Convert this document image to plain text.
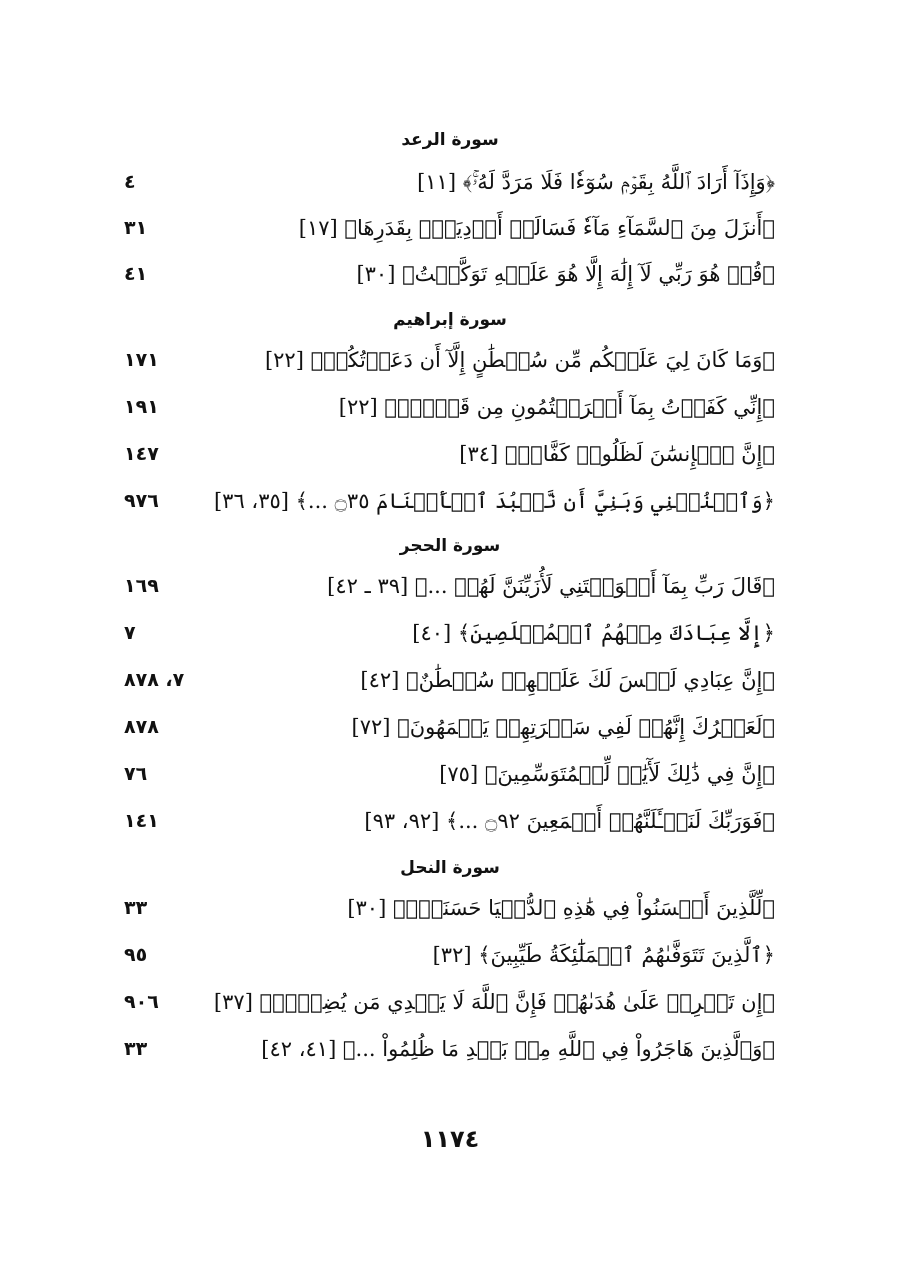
سورة الرعد
﴿وَإِذَآ أَرَادَ ٱللَّهُ بِقَوۡمٖ سُوٓءٗا فَلَا مَرَدَّ لَهُۥۚ﴾ [١١]
٤
﴿أَنزَلَ مِنَ ٱلسَّمَآءِ مَآءٗ فَسَالَتۡ أَوۡدِيَةُۢ بِقَدَرِهَا﴾ [١٧]
٣١
﴿قُلۡ هُوَ رَبِّي لَآ إِلَٰهَ إِلَّا هُوَ عَلَيۡهِ تَوَكَّلۡتُ﴾ [٣٠]
٤١
سورة إبراهيم
﴿وَمَا كَانَ لِيَ عَلَيۡكُم مِّن سُلۡطَٰنٍ إِلَّآ أَن دَعَوۡتُكُمۡ﴾ [٢٢]
١٧١
﴿إِنِّي كَفَرۡتُ بِمَآ أَشۡرَكۡتُمُونِ مِن قَبۡلُۗ﴾ [٢٢]
١٩١
﴿إِنَّ ٱلۡإِنسَٰنَ لَظَلُومٞ كَفَّارٞ﴾ [٣٤]
١٤٧
﴿وَٱجۡنُبۡنِي وَبَنِيَّ أَن نَّعۡبُدَ ٱلۡأَصۡنَامَ ۝٣٥ ...﴾ [٣٥، ٣٦]
٩٧٦
سورة الحجر
﴿قَالَ رَبِّ بِمَآ أَغۡوَيۡتَنِي لَأُزَيِّنَنَّ لَهُمۡ ...﴾ [٣٩ ـ ٤٢]
١٦٩
﴿إِلَّا عِبَادَكَ مِنۡهُمُ ٱلۡمُخۡلَصِينَ﴾ [٤٠]
٧
﴿إِنَّ عِبَادِي لَيۡسَ لَكَ عَلَيۡهِمۡ سُلۡطَٰنٌ﴾ [٤٢]
٧، ٨٧٨
﴿لَعَمۡرُكَ إِنَّهُمۡ لَفِي سَكۡرَتِهِمۡ يَعۡمَهُونَ﴾ [٧٢]
٨٧٨
﴿إِنَّ فِي ذَٰلِكَ لَأٓيَٰتٖ لِّلۡمُتَوَسِّمِينَ﴾ [٧٥]
٧٦
﴿فَوَرَبِّكَ لَنَسۡـَٔلَنَّهُمۡ أَجۡمَعِينَ ۝٩٢ ...﴾ [٩٢، ٩٣]
١٤١
سورة النحل
﴿لِّلَّذِينَ أَحۡسَنُواْ فِي هَٰذِهِ ٱلدُّنۡيَا حَسَنَةٞۚ﴾ [٣٠]
٣٣
﴿ٱلَّذِينَ تَتَوَفَّىٰهُمُ ٱلۡمَلَٰٓئِكَةُ طَيِّبِينَ﴾ [٣٢]
٩٥
﴿إِن تَحۡرِصۡ عَلَىٰ هُدَىٰهُمۡ فَإِنَّ ٱللَّهَ لَا يَهۡدِي مَن يُضِلُّۖ﴾ [٣٧]
٩٠٦
﴿وَٱلَّذِينَ هَاجَرُواْ فِي ٱللَّهِ مِنۢ بَعۡدِ مَا ظُلِمُواْ ...﴾ [٤١، ٤٢]
٣٣
١١٧٤
